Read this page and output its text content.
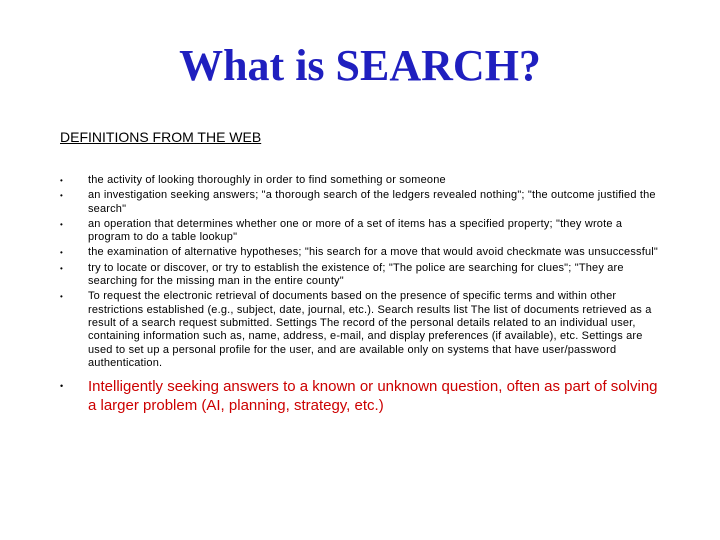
What is SEARCH?
DEFINITIONS FROM THE WEB
•	the activity of looking thoroughly in order to find something or someone
•	an investigation seeking answers; "a thorough search of the ledgers revealed nothing"; "the outcome justified the search"
•	an operation that determines whether one or more of a set of items has a specified property; "they wrote a program to do a table lookup"
•	the examination of alternative hypotheses; "his search for a move that would avoid checkmate was unsuccessful"
•	try to locate or discover, or try to establish the existence of; "The police are searching for clues"; "They are searching for the missing man in the entire county"
•	To request the electronic retrieval of documents based on the presence of specific terms and within other restrictions established (e.g., subject, date, journal, etc.). Search results list The list of documents retrieved as a result of a search request submitted. Settings The record of the personal details related to an individual user, containing information such as, name, address, e-mail, and display preferences (if available), etc. Settings are used to set up a personal profile for the user, and are available only on systems that have user/password authentication.
•	Intelligently seeking answers to a known or unknown question, often as part of solving a larger problem (AI, planning, strategy, etc.)
